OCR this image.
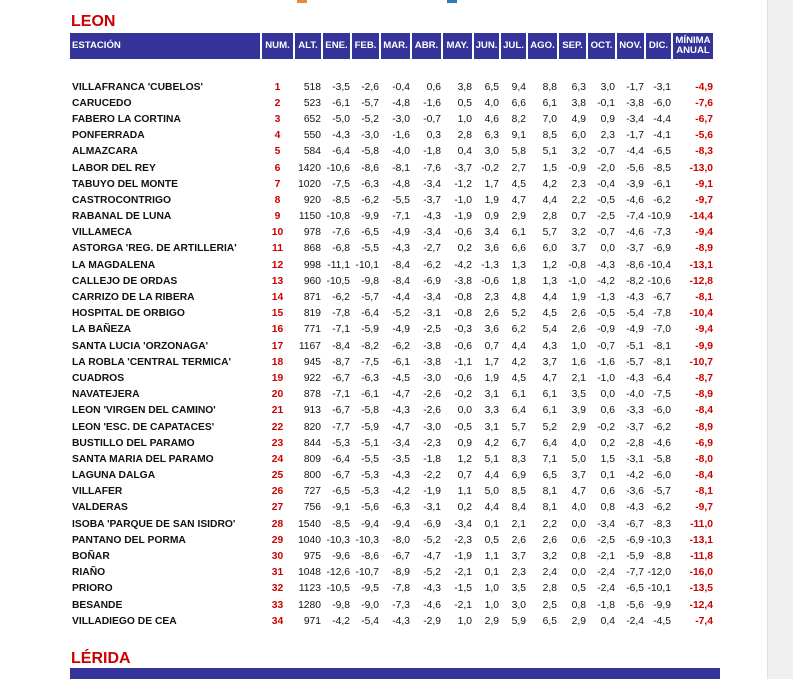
LEON
ESTACIÓN	NUM.	ALT.	ENE.	FEB.	MAR.	ABR.	MAY.	JUN.	JUL.	AGO.	SEP.	OCT.	NOV.	DIC.	MÍNIMA ANUAL

VILLAFRANCA 'CUBELOS'	1	518	-3,5	-2,6	-0,4	0,6	3,8	6,5	9,4	8,8	6,3	3,0	-1,7	-3,1	-4,9
CARUCEDO	2	523	-6,1	-5,7	-4,8	-1,6	0,5	4,0	6,6	6,1	3,8	-0,1	-3,8	-6,0	-7,6
FABERO LA CORTINA	3	652	-5,0	-5,2	-3,0	-0,7	1,0	4,6	8,2	7,0	4,9	0,9	-3,4	-4,4	-6,7
PONFERRADA	4	550	-4,3	-3,0	-1,6	0,3	2,8	6,3	9,1	8,5	6,0	2,3	-1,7	-4,1	-5,6
ALMAZCARA	5	584	-6,4	-5,8	-4,0	-1,8	0,4	3,0	5,8	5,1	3,2	-0,7	-4,4	-6,5	-8,3
LABOR DEL REY	6	1420	-10,6	-8,6	-8,1	-7,6	-3,7	-0,2	2,7	1,5	-0,9	-2,0	-5,6	-8,5	-13,0
TABUYO DEL MONTE	7	1020	-7,5	-6,3	-4,8	-3,4	-1,2	1,7	4,5	4,2	2,3	-0,4	-3,9	-6,1	-9,1
CASTROCONTRIGO	8	920	-8,5	-6,2	-5,5	-3,7	-1,0	1,9	4,7	4,4	2,2	-0,5	-4,6	-6,2	-9,7
RABANAL DE LUNA	9	1150	-10,8	-9,9	-7,1	-4,3	-1,9	0,9	2,9	2,8	0,7	-2,5	-7,4	-10,9	-14,4
VILLAMECA	10	978	-7,6	-6,5	-4,9	-3,4	-0,6	3,4	6,1	5,7	3,2	-0,7	-4,6	-7,3	-9,4
ASTORGA 'REG. DE ARTILLERIA'	11	868	-6,8	-5,5	-4,3	-2,7	0,2	3,6	6,6	6,0	3,7	0,0	-3,7	-6,9	-8,9
LA MAGDALENA	12	998	-11,1	-10,1	-8,4	-6,2	-4,2	-1,3	1,3	1,2	-0,8	-4,3	-8,6	-10,4	-13,1
CALLEJO DE ORDAS	13	960	-10,5	-9,8	-8,4	-6,9	-3,8	-0,6	1,8	1,3	-1,0	-4,2	-8,2	-10,6	-12,8
CARRIZO DE LA RIBERA	14	871	-6,2	-5,7	-4,4	-3,4	-0,8	2,3	4,8	4,4	1,9	-1,3	-4,3	-6,7	-8,1
HOSPITAL DE ORBIGO	15	819	-7,8	-6,4	-5,2	-3,1	-0,8	2,6	5,2	4,5	2,6	-0,5	-5,4	-7,8	-10,4
LA BAÑEZA	16	771	-7,1	-5,9	-4,9	-2,5	-0,3	3,6	6,2	5,4	2,6	-0,9	-4,9	-7,0	-9,4
SANTA LUCIA 'ORZONAGA'	17	1167	-8,4	-8,2	-6,2	-3,8	-0,6	0,7	4,4	4,3	1,0	-0,7	-5,1	-8,1	-9,9
LA ROBLA 'CENTRAL TERMICA'	18	945	-8,7	-7,5	-6,1	-3,8	-1,1	1,7	4,2	3,7	1,6	-1,6	-5,7	-8,1	-10,7
CUADROS	19	922	-6,7	-6,3	-4,5	-3,0	-0,6	1,9	4,5	4,7	2,1	-1,0	-4,3	-6,4	-8,7
NAVATEJERA	20	878	-7,1	-6,1	-4,7	-2,6	-0,2	3,1	6,1	6,1	3,5	0,0	-4,0	-7,5	-8,9
LEON 'VIRGEN DEL CAMINO'	21	913	-6,7	-5,8	-4,3	-2,6	0,0	3,3	6,4	6,1	3,9	0,6	-3,3	-6,0	-8,4
LEON 'ESC. DE CAPATACES'	22	820	-7,7	-5,9	-4,7	-3,0	-0,5	3,1	5,7	5,2	2,9	-0,2	-3,7	-6,2	-8,9
BUSTILLO DEL PARAMO	23	844	-5,3	-5,1	-3,4	-2,3	0,9	4,2	6,7	6,4	4,0	0,2	-2,8	-4,6	-6,9
SANTA MARIA DEL PARAMO	24	809	-6,4	-5,5	-3,5	-1,8	1,2	5,1	8,3	7,1	5,0	1,5	-3,1	-5,8	-8,0
LAGUNA DALGA	25	800	-6,7	-5,3	-4,3	-2,2	0,7	4,4	6,9	6,5	3,7	0,1	-4,2	-6,0	-8,4
VILLAFER	26	727	-6,5	-5,3	-4,2	-1,9	1,1	5,0	8,5	8,1	4,7	0,6	-3,6	-5,7	-8,1
VALDERAS	27	756	-9,1	-5,6	-6,3	-3,1	0,2	4,4	8,4	8,1	4,0	0,8	-4,3	-6,2	-9,7
ISOBA 'PARQUE DE SAN ISIDRO'	28	1540	-8,5	-9,4	-9,4	-6,9	-3,4	0,1	2,1	2,2	0,0	-3,4	-6,7	-8,3	-11,0
PANTANO DEL PORMA	29	1040	-10,3	-10,3	-8,0	-5,2	-2,3	0,5	2,6	2,6	0,6	-2,5	-6,9	-10,3	-13,1
BOÑAR	30	975	-9,6	-8,6	-6,7	-4,7	-1,9	1,1	3,7	3,2	0,8	-2,1	-5,9	-8,8	-11,8
RIAÑO	31	1048	-12,6	-10,7	-8,9	-5,2	-2,1	0,1	2,3	2,4	0,0	-2,4	-7,7	-12,0	-16,0
PRIORO	32	1123	-10,5	-9,5	-7,8	-4,3	-1,5	1,0	3,5	2,8	0,5	-2,4	-6,5	-10,1	-13,5
BESANDE	33	1280	-9,8	-9,0	-7,3	-4,6	-2,1	1,0	3,0	2,5	0,8	-1,8	-5,6	-9,9	-12,4
VILLADIEGO DE CEA	34	971	-4,2	-5,4	-4,3	-2,9	1,0	2,9	5,9	6,5	2,9	0,4	-2,4	-4,5	-7,4
LÉRIDA
